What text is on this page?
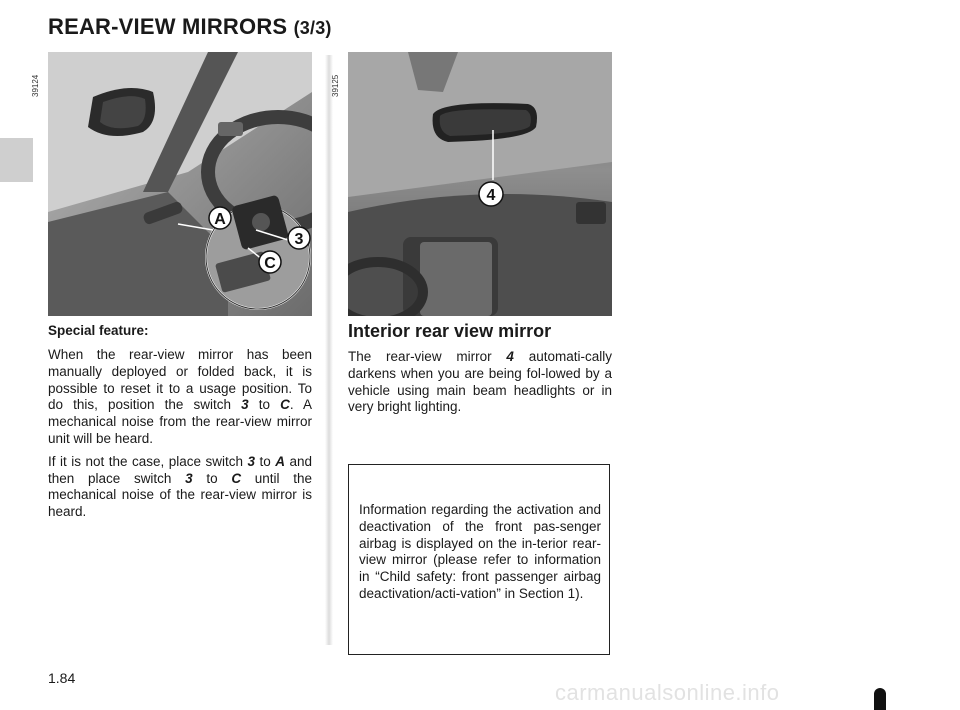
REAR-VIEW MIRRORS (3/3)
A
3
C
39124
4
39125
Special feature:

When the rear-view mirror has been manually deployed or folded back, it is possible to reset it to a usage position. To do this, position the switch 3 to C. A mechanical noise from the rear-view mirror unit will be heard.

If it is not the case, place switch 3 to A and then place switch 3 to C until the mechanical noise of the rear-view mirror is heard.

Interior rear view mirror

The rear-view mirror 4 automati-cally darkens when you are being fol-lowed by a vehicle using main beam headlights or in very bright lighting.

Information regarding the activation and deactivation of the front pas-senger airbag is displayed on the in-terior rear-view mirror (please refer to information in “Child safety: front passenger airbag deactivation/acti-vation” in Section 1).
1.84
carmanualsonline.info
